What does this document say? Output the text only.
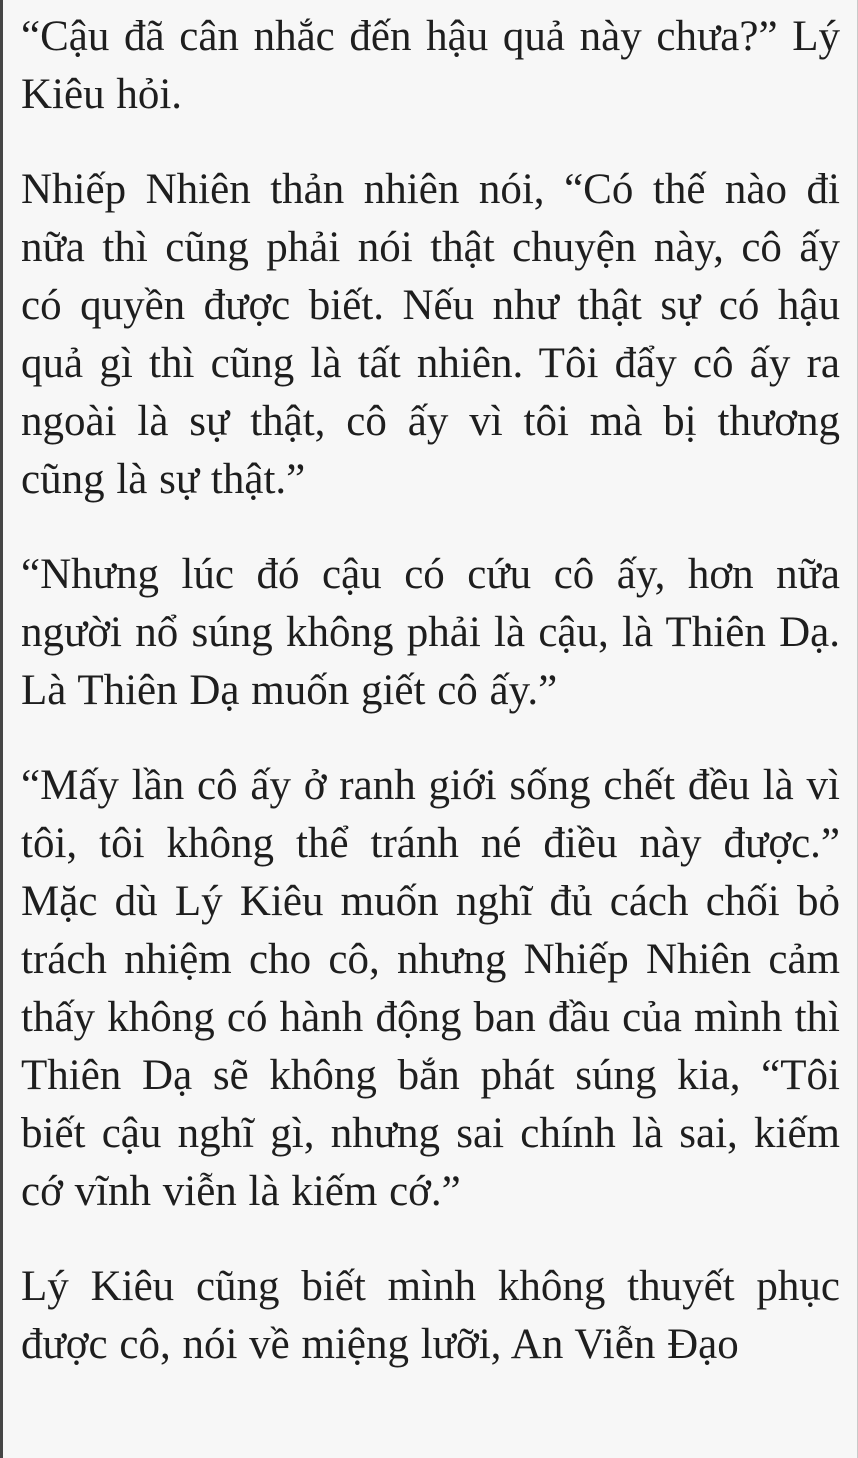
“Cậu đã cân nhắc đến hậu quả này chưa?” Lý Kiêu hỏi.

Nhiếp Nhiên thản nhiên nói, “Có thế nào đi nữa thì cũng phải nói thật chuyện này, cô ấy có quyền được biết. Nếu như thật sự có hậu quả gì thì cũng là tất nhiên. Tôi đẩy cô ấy ra ngoài là sự thật, cô ấy vì tôi mà bị thương cũng là sự thật.”

“Nhưng lúc đó cậu có cứu cô ấy, hơn nữa người nổ súng không phải là cậu, là Thiên Dạ. Là Thiên Dạ muốn giết cô ấy.”

“Mấy lần cô ấy ở ranh giới sống chết đều là vì tôi, tôi không thể tránh né điều này được.” Mặc dù Lý Kiêu muốn nghĩ đủ cách chối bỏ trách nhiệm cho cô, nhưng Nhiếp Nhiên cảm thấy không có hành động ban đầu của mình thì Thiên Dạ sẽ không bắn phát súng kia, “Tôi biết cậu nghĩ gì, nhưng sai chính là sai, kiếm cớ vĩnh viễn là kiếm cớ.”

Lý Kiêu cũng biết mình không thuyết phục được cô, nói về miệng lưỡi, An Viễn Đạo
